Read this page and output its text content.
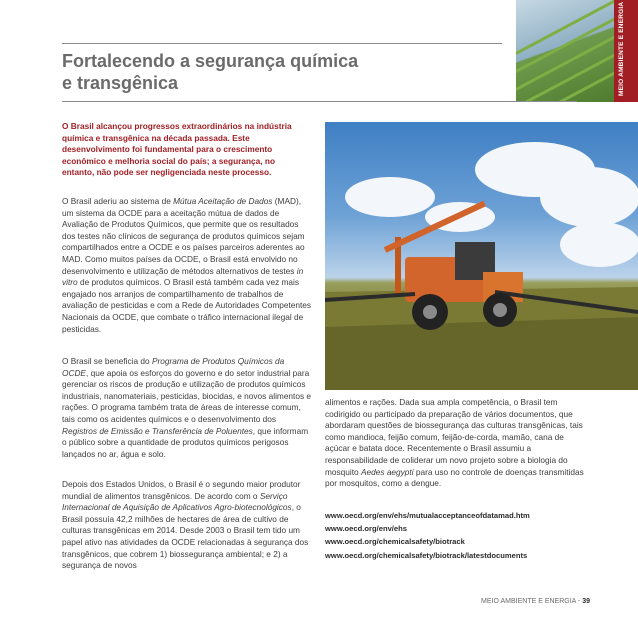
MEIO AMBIENTE E ENERGIA
Fortalecendo a segurança química
e transgênica

O Brasil alcançou progressos extraordinários na indústria química e transgênica na década passada. Este desenvolvimento foi fundamental para o crescimento econômico e melhoria social do país; a segurança, no entanto, não pode ser negligenciada neste processo.

O Brasil aderiu ao sistema de Mútua Aceitação de Dados (MAD), um sistema da OCDE para a aceitação mútua de dados de Avaliação de Produtos Químicos, que permite que os resultados dos testes não clínicos de segurança de produtos químicos sejam compartilhados entre a OCDE e os países parceiros aderentes ao MAD. Como muitos países da OCDE, o Brasil está envolvido no desenvolvimento e utilização de métodos alternativos de testes in vitro de produtos químicos. O Brasil está também cada vez mais engajado nos arranjos de compartilhamento de trabalhos de avaliação de pesticidas e com a Rede de Autoridades Competentes Nacionais da OCDE, que combate o tráfico internacional ilegal de pesticidas.

O Brasil se beneficia do Programa de Produtos Químicos da OCDE, que apoia os esforços do governo e do setor industrial para gerenciar os riscos de produção e utilização de produtos químicos industriais, nanomateriais, pesticidas, biocidas, e novos alimentos e rações. O programa também trata de áreas de interesse comum, tais como os acidentes químicos e o desenvolvimento dos Registros de Emissão e Transferência de Poluentes, que informam o público sobre a quantidade de produtos químicos perigosos lançados no ar, água e solo.

Depois dos Estados Unidos, o Brasil é o segundo maior produtor mundial de alimentos transgênicos. De acordo com o Serviço Internacional de Aquisição de Aplicativos Agro-biotecnológicos, o Brasil possuía 42,2 milhões de hectares de área de cultivo de culturas transgênicas em 2014. Desde 2003 o Brasil tem tido um papel ativo nas atividades da OCDE relacionadas à segurança dos transgênicos, que cobrem 1) biossegurança ambiental; e 2) a segurança de novos

alimentos e rações. Dada sua ampla competência, o Brasil tem codirigido ou participado da preparação de vários documentos, que abordaram questões de biossegurança das culturas transgênicas, tais como mandioca, feijão comum, feijão-de-corda, mamão, cana de açúcar e batata doce. Recentemente o Brasil assumiu a responsabilidade de coliderar um novo projeto sobre a biologia do mosquito Aedes aegypti para uso no controle de doenças transmitidas por mosquitos, como a dengue.

www.oecd.org/env/ehs/mutualacceptanceofdatamad.htm
www.oecd.org/env/ehs
www.oecd.org/chemicalsafety/biotrack
www.oecd.org/chemicalsafety/biotrack/latestdocuments
MEIO AMBIENTE E ENERGIA - 39
